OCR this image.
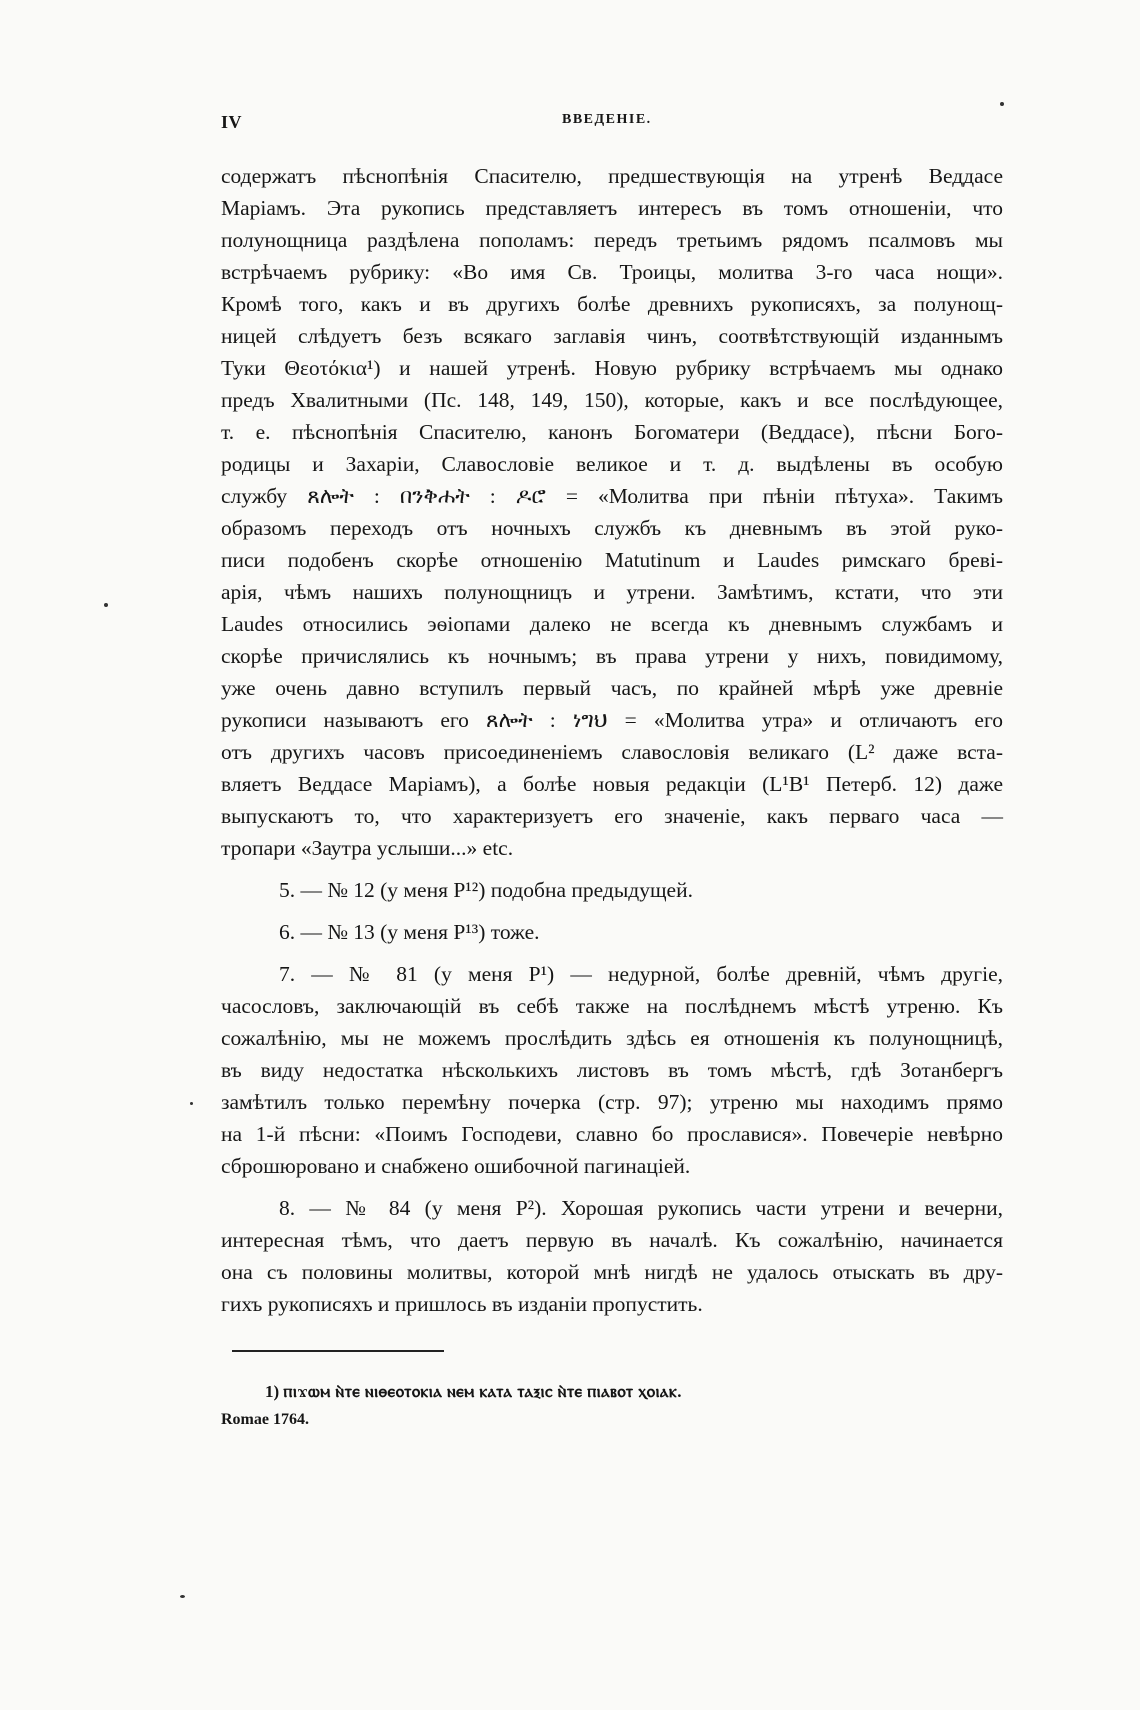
IV	ВВЕДЕНIЕ.
содержатъ пѣснопѣнія Спасителю, предшествующія на утренѣ Веддасе
Маріамъ. Эта рукопись представляетъ интересъ въ томъ отношеніи, что
полунощница раздѣлена пополамъ: передъ третьимъ рядомъ псалмовъ мы
встрѣчаемъ рубрику: «Во имя Св. Троицы, молитва 3-го часа нощи».
Кромѣ того, какъ и въ другихъ болѣе древнихъ рукописяхъ, за полунощ-
ницей слѣдуетъ безъ всякаго заглавія чинъ, соотвѣтствующій изданнымъ
Туки Θεοτόκια¹) и нашей утренѣ. Новую рубрику встрѣчаемъ мы однако
предъ Хвалитными (Пс. 148, 149, 150), которые, какъ и все послѣдующее,
т. е. пѣснопѣнія Спасителю, канонъ Богоматери (Веддасе), пѣсни Бого-
родицы и Захаріи, Славословіе великое и т. д. выдѣлены въ особую
службу ጸሎት : በንቅሐት : ዶሮ = «Молитва при пѣніи пѣтуха». Такимъ
образомъ переходъ отъ ночныхъ службъ къ дневнымъ въ этой руко-
писи подобенъ скорѣе отношенію Matutinum и Laudes римскаго бреві-
арія, чѣмъ нашихъ полунощницъ и утрени. Замѣтимъ, кстати, что эти
Laudes относились эѳіопами далеко не всегда къ дневнымъ службамъ и
скорѣе причислялись къ ночнымъ; въ права утрени у нихъ, повидимому,
уже очень давно вступилъ первый часъ, по крайней мѣрѣ уже древніе
рукописи называютъ его ጸሎት : ነግህ = «Молитва утра» и отличаютъ его
отъ другихъ часовъ присоединеніемъ славословія великаго (L² даже вста-
вляетъ Веддасе Маріамъ), а болѣе новыя редакціи (L¹B¹ Петерб. 12) даже
выпускаютъ то, что характеризуетъ его значеніе, какъ перваго часа —
тропари «Заутра услыши...» etc.
5. — № 12 (у меня P¹²) подобна предыдущей.
6. — № 13 (у меня P¹³) тоже.
7. — № 81 (у меня P¹) — недурной, болѣе древній, чѣмъ другіе,
часословъ, заключающій въ себѣ также на послѣднемъ мѣстѣ утреню. Къ
сожалѣнію, мы не можемъ прослѣдить здѣсь ея отношенія къ полунощницѣ,
въ виду недостатка нѣсколькихъ листовъ въ томъ мѣстѣ, гдѣ Зотанбергъ
замѣтилъ только перемѣну почерка (стр. 97); утреню мы находимъ прямо
на 1-й пѣсни: «Поимъ Господеви, славно бо прославися». Повечеріе невѣрно
сброшюровано и снабжено ошибочной пагинаціей.
8. — № 84 (у меня P²). Хорошая рукопись части утрени и вечерни,
интересная тѣмъ, что даетъ первую въ началѣ. Къ сожалѣнію, начинается
она съ половины молитвы, которой мнѣ нигдѣ не удалось отыскать въ дру-
гихъ рукописяхъ и пришлось въ изданіи пропустить.
1) ⲡⲓϫⲱⲙ ⲛ̀ⲧⲉ ⲛⲓⲑⲉⲟⲧⲟⲕⲓⲁ ⲛⲉⲙ ⲕⲁⲧⲁ ⲧⲁⲝⲓⲥ ⲛ̀ⲧⲉ ⲡⲓⲁⲃⲟⲧ ⲭⲟⲓⲁⲕ.
Romae 1764.
